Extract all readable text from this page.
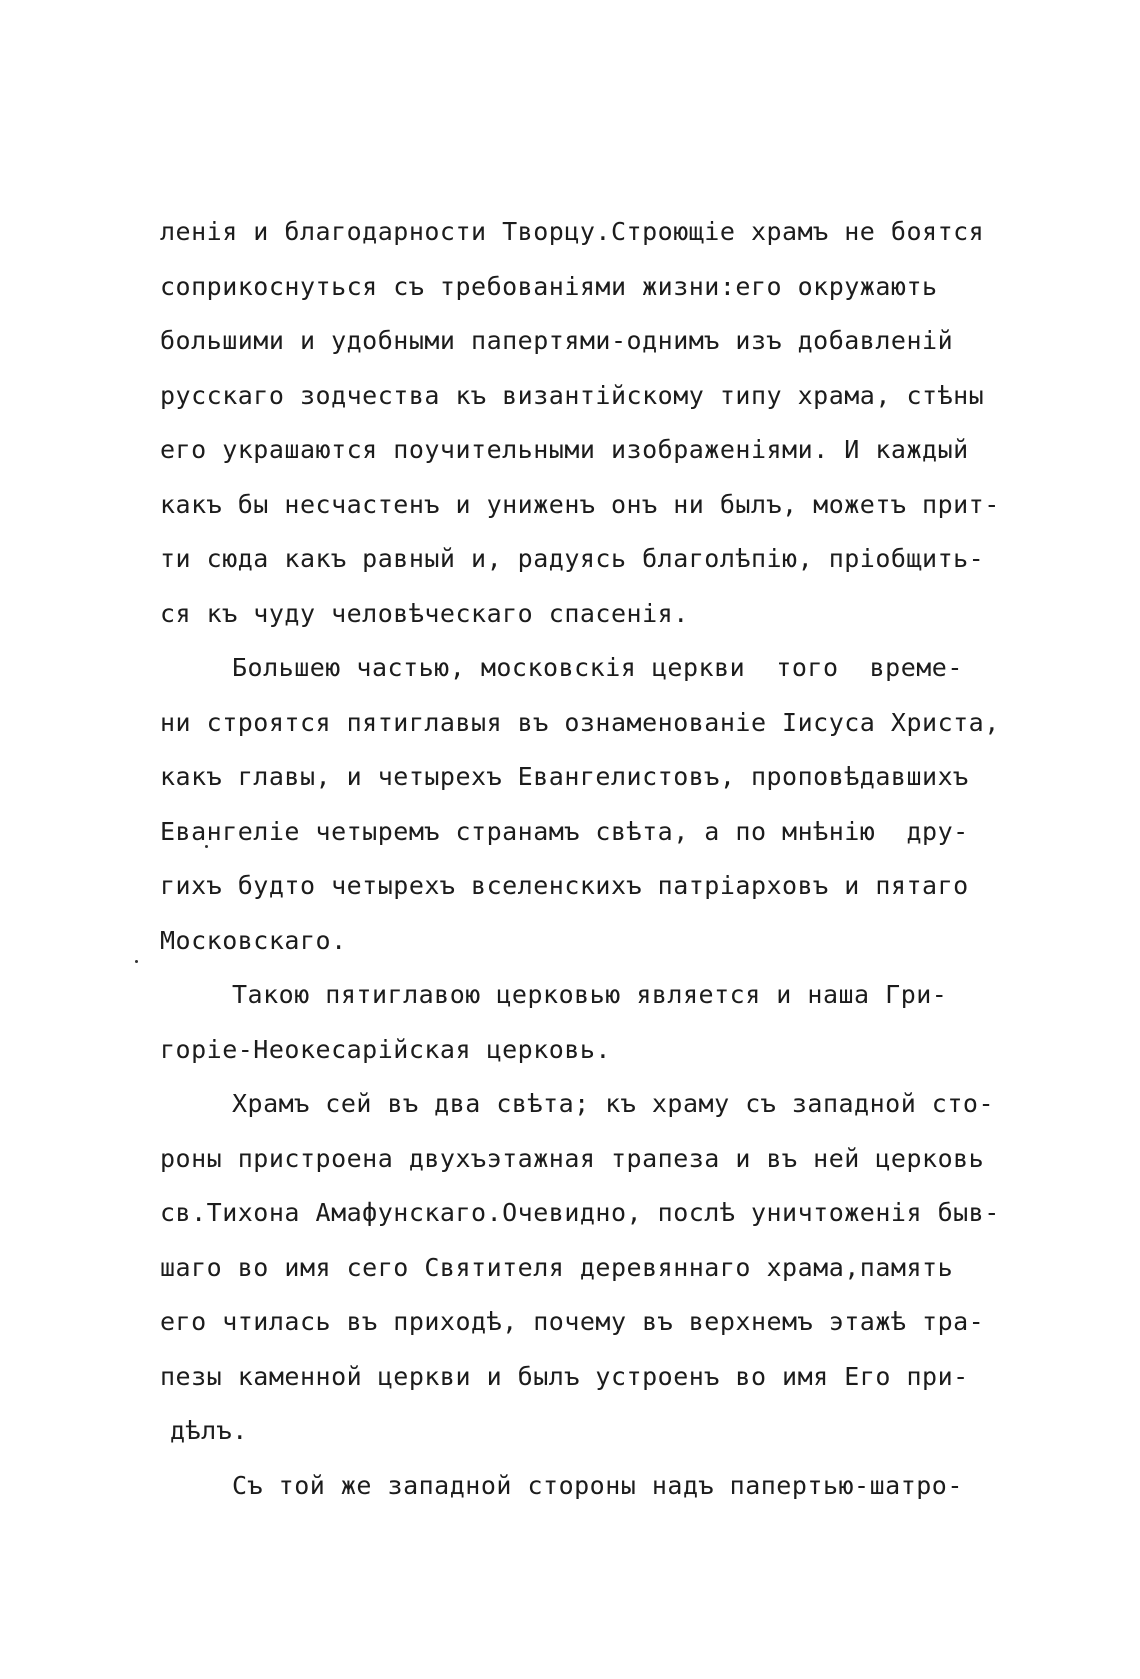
ленія и благодарности Творцу.Строющіе храмъ не боятся
соприкоснуться съ требованіями жизни:его окружають
большими и удобными папертями-однимъ изъ добавленій
русскаго зодчества къ византійскому типу храма, стѣны
его украшаются поучительными изображеніями. И каждый
какъ бы несчастенъ и униженъ онъ ни былъ, можетъ прит-
ти сюда какъ равный и, радуясь благолѣпію, пріобщить-
ся къ чуду человѣческаго спасенія.
Большею частью, московскія церкви  того  време-
ни строятся пятиглавыя въ ознаменованіе Іисуса Христа,
какъ главы, и четырехъ Евангелистовъ, проповѣдавшихъ
Евангеліе четыремъ странамъ свѣта, а по мнѣнію  дру-
гихъ будто четырехъ вселенскихъ патріарховъ и пятаго
Московскаго.
Такою пятиглавою церковью является и наша Гри-
горіе-Неокесарійская церковь.
Храмъ сей въ два свѣта; къ храму съ западной сто-
роны пристроена двухъэтажная трапеза и въ ней церковь
св.Тихона Амафунскаго.Очевидно, послѣ уничтоженія быв-
шаго во имя сего Святителя деревяннаго храма,память
его чтилась въ приходѣ, почему въ верхнемъ этажѣ тра-
пезы каменной церкви и былъ устроенъ во имя Его при-
дѣлъ.
Съ той же западной стороны надъ папертью-шатро-
